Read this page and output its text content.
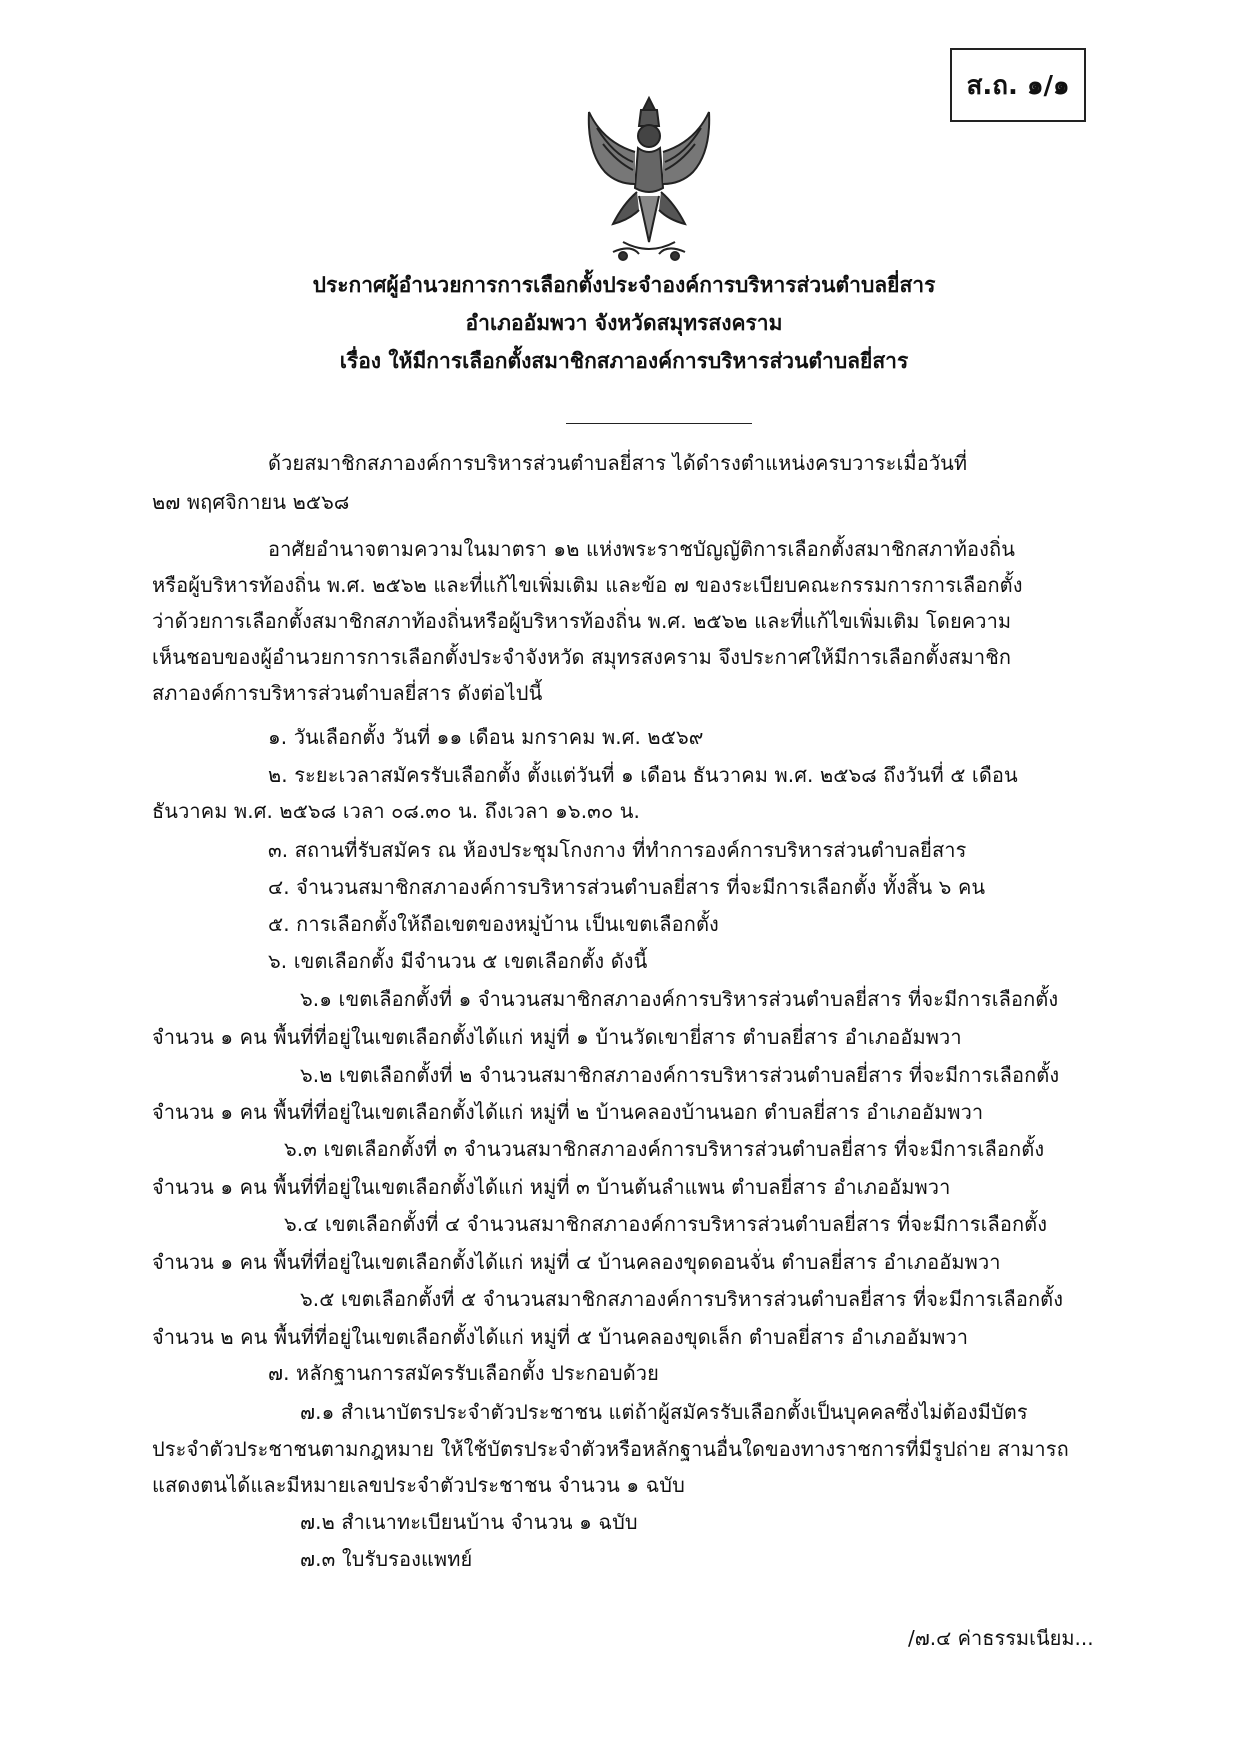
ส.ถ. ๑/๑
ประกาศผู้อำนวยการการเลือกตั้งประจำองค์การบริหารส่วนตำบลยี่สาร
อำเภออัมพวา จังหวัดสมุทรสงคราม
เรื่อง ให้มีการเลือกตั้งสมาชิกสภาองค์การบริหารส่วนตำบลยี่สาร
ด้วยสมาชิกสภาองค์การบริหารส่วนตำบลยี่สาร ได้ดำรงตำแหน่งครบวาระเมื่อวันที่
๒๗ พฤศจิกายน ๒๕๖๘
อาศัยอำนาจตามความในมาตรา ๑๒ แห่งพระราชบัญญัติการเลือกตั้งสมาชิกสภาท้องถิ่น
หรือผู้บริหารท้องถิ่น พ.ศ. ๒๕๖๒ และที่แก้ไขเพิ่มเติม และข้อ ๗ ของระเบียบคณะกรรมการการเลือกตั้ง
ว่าด้วยการเลือกตั้งสมาชิกสภาท้องถิ่นหรือผู้บริหารท้องถิ่น พ.ศ. ๒๕๖๒ และที่แก้ไขเพิ่มเติม โดยความ
เห็นชอบของผู้อำนวยการการเลือกตั้งประจำจังหวัด สมุทรสงคราม จึงประกาศให้มีการเลือกตั้งสมาชิก
สภาองค์การบริหารส่วนตำบลยี่สาร ดังต่อไปนี้
๑. วันเลือกตั้ง วันที่ ๑๑ เดือน มกราคม พ.ศ. ๒๕๖๙
๒. ระยะเวลาสมัครรับเลือกตั้ง ตั้งแต่วันที่ ๑ เดือน ธันวาคม พ.ศ. ๒๕๖๘ ถึงวันที่ ๕ เดือน
ธันวาคม พ.ศ. ๒๕๖๘ เวลา ๐๘.๓๐ น. ถึงเวลา ๑๖.๓๐ น.
๓. สถานที่รับสมัคร ณ ห้องประชุมโกงกาง ที่ทำการองค์การบริหารส่วนตำบลยี่สาร
๔. จำนวนสมาชิกสภาองค์การบริหารส่วนตำบลยี่สาร ที่จะมีการเลือกตั้ง ทั้งสิ้น ๖ คน
๕. การเลือกตั้งให้ถือเขตของหมู่บ้าน เป็นเขตเลือกตั้ง
๖. เขตเลือกตั้ง มีจำนวน ๕ เขตเลือกตั้ง ดังนี้
๖.๑ เขตเลือกตั้งที่ ๑ จำนวนสมาชิกสภาองค์การบริหารส่วนตำบลยี่สาร ที่จะมีการเลือกตั้ง
จำนวน ๑ คน พื้นที่ที่อยู่ในเขตเลือกตั้งได้แก่ หมู่ที่ ๑ บ้านวัดเขายี่สาร ตำบลยี่สาร อำเภออัมพวา
๖.๒ เขตเลือกตั้งที่ ๒ จำนวนสมาชิกสภาองค์การบริหารส่วนตำบลยี่สาร ที่จะมีการเลือกตั้ง
จำนวน ๑ คน พื้นที่ที่อยู่ในเขตเลือกตั้งได้แก่ หมู่ที่ ๒ บ้านคลองบ้านนอก ตำบลยี่สาร อำเภออัมพวา
๖.๓ เขตเลือกตั้งที่ ๓ จำนวนสมาชิกสภาองค์การบริหารส่วนตำบลยี่สาร ที่จะมีการเลือกตั้ง
จำนวน ๑ คน พื้นที่ที่อยู่ในเขตเลือกตั้งได้แก่ หมู่ที่ ๓ บ้านต้นลำแพน ตำบลยี่สาร อำเภออัมพวา
๖.๔ เขตเลือกตั้งที่ ๔ จำนวนสมาชิกสภาองค์การบริหารส่วนตำบลยี่สาร ที่จะมีการเลือกตั้ง
จำนวน ๑ คน พื้นที่ที่อยู่ในเขตเลือกตั้งได้แก่ หมู่ที่ ๔ บ้านคลองขุดดอนจั่น ตำบลยี่สาร อำเภออัมพวา
๖.๕ เขตเลือกตั้งที่ ๕ จำนวนสมาชิกสภาองค์การบริหารส่วนตำบลยี่สาร ที่จะมีการเลือกตั้ง
จำนวน ๒ คน พื้นที่ที่อยู่ในเขตเลือกตั้งได้แก่ หมู่ที่ ๕ บ้านคลองขุดเล็ก ตำบลยี่สาร อำเภออัมพวา
๗. หลักฐานการสมัครรับเลือกตั้ง ประกอบด้วย
๗.๑ สำเนาบัตรประจำตัวประชาชน แต่ถ้าผู้สมัครรับเลือกตั้งเป็นบุคคลซึ่งไม่ต้องมีบัตร
ประจำตัวประชาชนตามกฎหมาย ให้ใช้บัตรประจำตัวหรือหลักฐานอื่นใดของทางราชการที่มีรูปถ่าย สามารถ
แสดงตนได้และมีหมายเลขประจำตัวประชาชน จำนวน ๑ ฉบับ
๗.๒ สำเนาทะเบียนบ้าน จำนวน ๑ ฉบับ
๗.๓ ใบรับรองแพทย์
/๗.๔ ค่าธรรมเนียม...
